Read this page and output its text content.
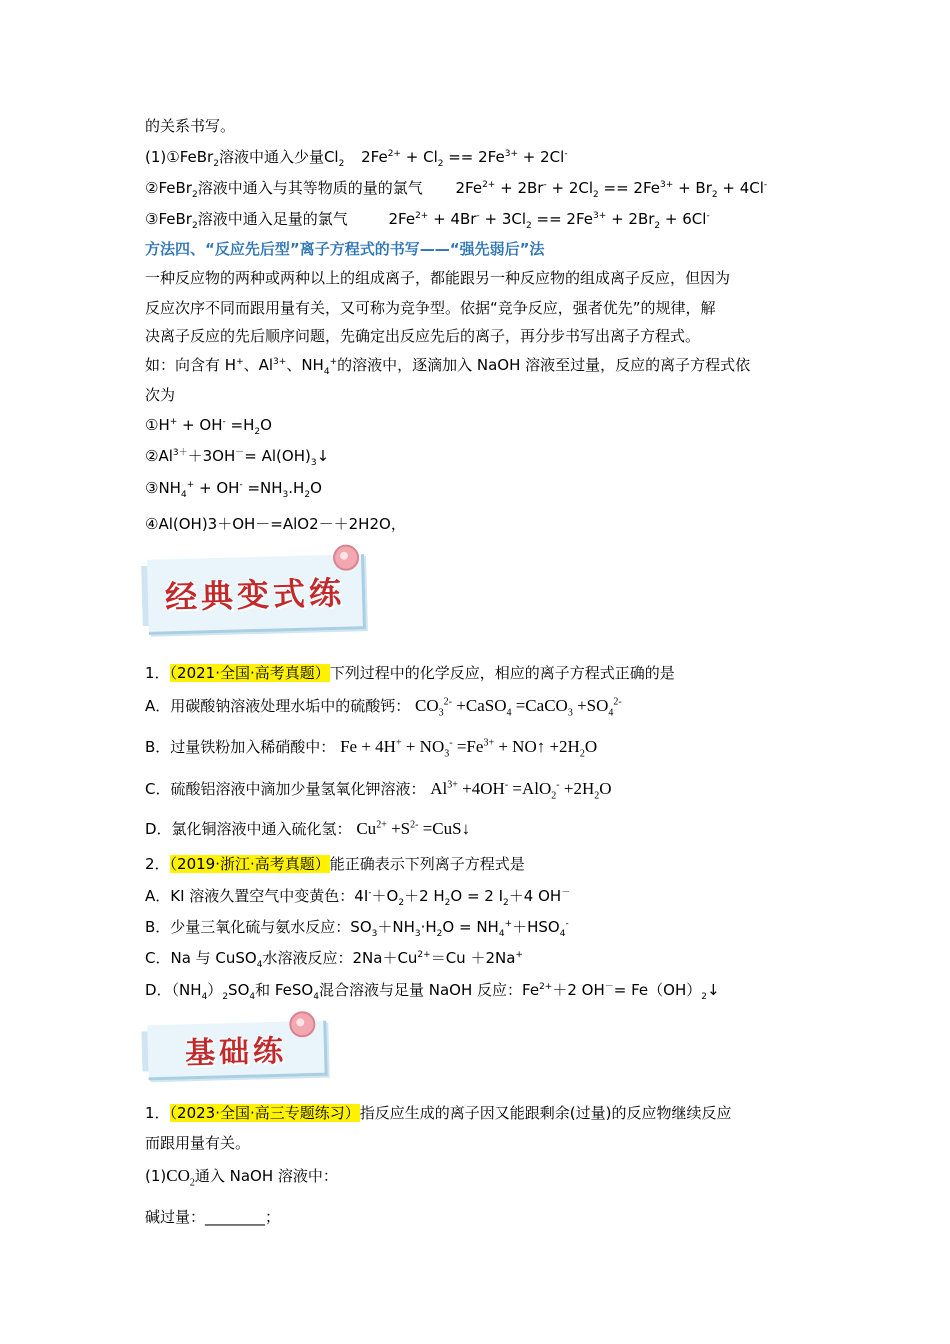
的关系书写。
(1)①FeBr$_2$溶液中通入少量$Cl_2$ $2Fe^{2+} + Cl_2 == 2Fe^{3+} + 2Cl^-$
②FeBr$_2$溶液中通入与其等物质的量的氯气 $2Fe^{2+} + 2Br^- + 2Cl_2 == 2Fe^{3+} + Br_2 + 4Cl^-$
③FeBr$_2$溶液中通入足量的氯气	$2Fe^{2+} + 4Br^- + 3Cl_2 == 2Fe^{3+} + 2Br_2 + 6Cl^-$
方法四、“反应先后型”离子方程式的书写——“强先弱后”法
一种反应物的两种或两种以上的组成离子，都能跟另一种反应物的组成离子反应，但因为
反应次序不同而跟用量有关，又可称为竞争型。依据“竞争反应，强者优先”的规律，解
决离子反应的先后顺序问题，先确定出反应先后的离子，再分步书写出离子方程式。
如：向含有 H+、$Al^{3+}$、$NH_4^+$的溶液中，逐滴加入 NaOH 溶液至过量，反应的离子方程式依
次为
①H+ + $OH^- =H_2O$
$②Al^{3+}+3OH^-=$ $Al(OH)_3↓$
$③NH_4^+ + OH^- =NH_3.H_2O$
④Al(OH)3＋OH－=AlO2－＋2H2O，
经典变式练
1．（2021·全国·高考真题）下列过程中的化学反应，相应的离子方程式正确的是
A．用碳酸钠溶液处理水垢中的硫酸钙： $CO_3^{2-}$ +CaSO$_4$ =CaCO$_3$ $+SO_4^{2-}$
B．过量铁粉加入稀硝酸中： $Fe + 4H^+ + NO_3^- =Fe^{3+}$ + NO↑ $+2H_2O$
C．硫酸铝溶液中滴加少量氢氧化钾溶液： $Al^{3+} +4OH^- =AlO_2^- +2H_2O$
D．氯化铜溶液中通入硫化氢： $Cu^{2+} +S^{2-}$ =CuS↓
2．（2019·浙江·高考真题）能正确表示下列离子方程式是
A．KI 溶液久置空气中变黄色：$4I^-+O_2+2$ $H_2O = 2$ $I_2+4$ OH－
B．少量三氧化硫与氨水反应：$SO_3+NH_3\cdot H_2O = NH_4^++HSO_4^-$
C．Na 与 CuSO$_4$水溶液反应：$2Na+Cu^{2+}=Cu +2Na^+$
D．$(NH_4)_2SO_4$和 FeSO$_4$混合溶液与足量 NaOH 反应：$Fe^{2+}+2$ $OH^-= Fe(OH)_2↓$
基础练
1．（2023·全国·高三专题练习）指反应生成的离子因又能跟剩余(过量)的反应物继续反应
而跟用量有关。
$(1)CO_2$通入 NaOH 溶液中：
碱过量：________；
